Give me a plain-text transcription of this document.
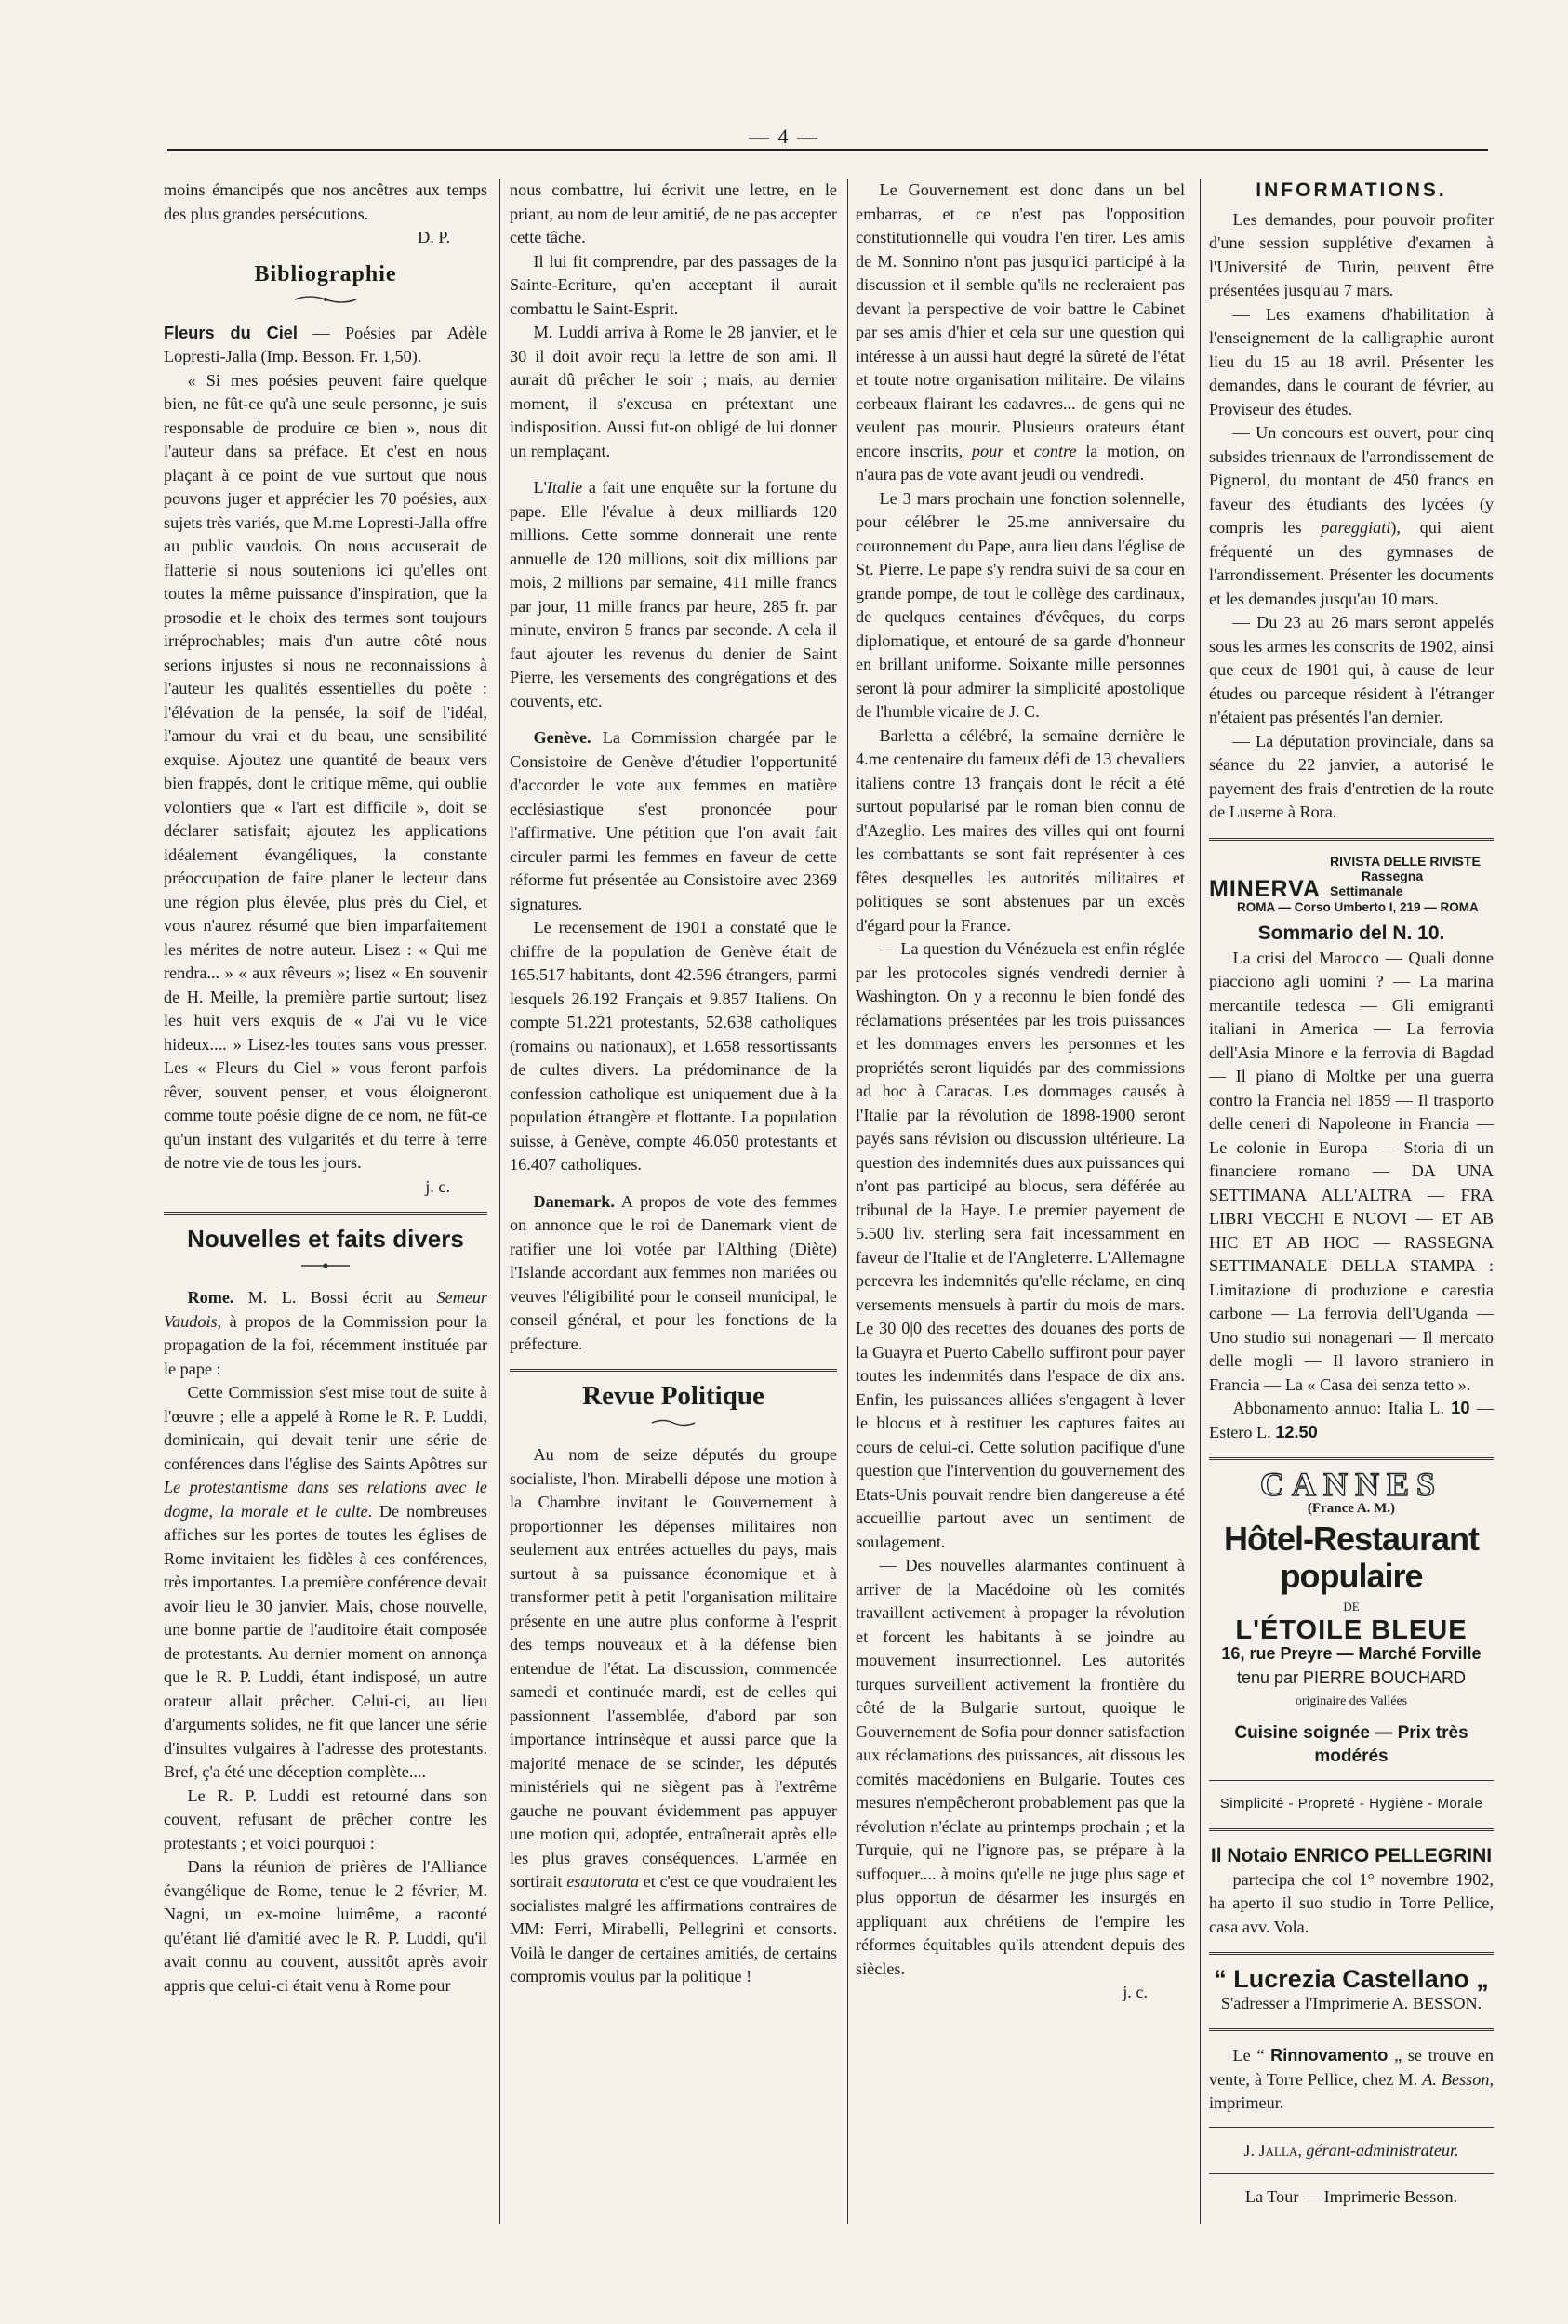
— 4 —

moins émancipés que nos ancêtres aux temps des plus grandes persécutions.

D. P.
Bibliographie

Fleurs du Ciel — Poésies par Adèle Lopresti-Jalla (Imp. Besson. Fr. 1,50).

« Si mes poésies peuvent faire quelque bien, ne fût-ce qu'à une seule personne, je suis responsable de produire ce bien », nous dit l'auteur dans sa préface. Et c'est en nous plaçant à ce point de vue surtout que nous pouvons juger et apprécier les 70 poésies, aux sujets très variés, que M.me Lopresti-Jalla offre au public vaudois. On nous accuserait de flatterie si nous soutenions ici qu'elles ont toutes la même puissance d'inspiration, que la prosodie et le choix des termes sont toujours irréprochables; mais d'un autre côté nous serions injustes si nous ne reconnaissions à l'auteur les qualités essentielles du poète : l'élévation de la pensée, la soif de l'idéal, l'amour du vrai et du beau, une sensibilité exquise. Ajoutez une quantité de beaux vers bien frappés, dont le critique même, qui oublie volontiers que « l'art est difficile », doit se déclarer satisfait; ajoutez les applications idéalement évangéliques, la constante préoccupation de faire planer le lecteur dans une région plus élevée, plus près du Ciel, et vous n'aurez résumé que bien imparfaitement les mérites de notre auteur. Lisez : « Qui me rendra... » « aux rêveurs »; lisez « En souvenir de H. Meille, la première partie surtout; lisez les huit vers exquis de « J'ai vu le vice hideux.... » Lisez-les toutes sans vous presser. Les « Fleurs du Ciel » vous feront parfois rêver, souvent penser, et vous éloigneront comme toute poésie digne de ce nom, ne fût-ce qu'un instant des vulgarités et du terre à terre de notre vie de tous les jours.

j. c.
Nouvelles et faits divers

Rome. M. L. Bossi écrit au Semeur Vaudois, à propos de la Commission pour la propagation de la foi, récemment instituée par le pape :

Cette Commission s'est mise tout de suite à l'œuvre ; elle a appelé à Rome le R. P. Luddi, dominicain, qui devait tenir une série de conférences dans l'église des Saints Apôtres sur Le protestantisme dans ses relations avec le dogme, la morale et le culte. De nombreuses affiches sur les portes de toutes les églises de Rome invitaient les fidèles à ces conférences, très importantes. La première conférence devait avoir lieu le 30 janvier. Mais, chose nouvelle, une bonne partie de l'auditoire était composée de protestants. Au dernier moment on annonça que le R. P. Luddi, étant indisposé, un autre orateur allait prêcher. Celui-ci, au lieu d'arguments solides, ne fit que lancer une série d'insultes vulgaires à l'adresse des protestants. Bref, ç'a été une déception complète....

Le R. P. Luddi est retourné dans son couvent, refusant de prêcher contre les protestants ; et voici pourquoi :

Dans la réunion de prières de l'Alliance évangélique de Rome, tenue le 2 février, M. Nagni, un ex-moine luimême, a raconté qu'étant lié d'amitié avec le R. P. Luddi, qu'il avait connu au couvent, aussitôt après avoir appris que celui-ci était venu à Rome pour

nous combattre, lui écrivit une lettre, en le priant, au nom de leur amitié, de ne pas accepter cette tâche.

Il lui fit comprendre, par des passages de la Sainte-Ecriture, qu'en acceptant il aurait combattu le Saint-Esprit.

M. Luddi arriva à Rome le 28 janvier, et le 30 il doit avoir reçu la lettre de son ami. Il aurait dû prêcher le soir ; mais, au dernier moment, il s'excusa en prétextant une indisposition. Aussi fut-on obligé de lui donner un remplaçant.

L'Italie a fait une enquête sur la fortune du pape. Elle l'évalue à deux milliards 120 millions. Cette somme donnerait une rente annuelle de 120 millions, soit dix millions par mois, 2 millions par semaine, 411 mille francs par jour, 11 mille francs par heure, 285 fr. par minute, environ 5 francs par seconde. A cela il faut ajouter les revenus du denier de Saint Pierre, les versements des congrégations et des couvents, etc.

Genève. La Commission chargée par le Consistoire de Genève d'étudier l'opportunité d'accorder le vote aux femmes en matière ecclésiastique s'est prononcée pour l'affirmative. Une pétition que l'on avait fait circuler parmi les femmes en faveur de cette réforme fut présentée au Consistoire avec 2369 signatures.

Le recensement de 1901 a constaté que le chiffre de la population de Genève était de 165.517 habitants, dont 42.596 étrangers, parmi lesquels 26.192 Français et 9.857 Italiens. On compte 51.221 protestants, 52.638 catholiques (romains ou nationaux), et 1.658 ressortissants de cultes divers. La prédominance de la confession catholique est uniquement due à la population étrangère et flottante. La population suisse, à Genève, compte 46.050 protestants et 16.407 catholiques.

Danemark. A propos de vote des femmes on annonce que le roi de Danemark vient de ratifier une loi votée par l'Althing (Diète) l'Islande accordant aux femmes non mariées ou veuves l'éligibilité pour le conseil municipal, le conseil général, et pour les fonctions de la préfecture.

Revue Politique

Au nom de seize députés du groupe socialiste, l'hon. Mirabelli dépose une motion à la Chambre invitant le Gouvernement à proportionner les dépenses militaires non seulement aux entrées actuelles du pays, mais surtout à sa puissance économique et à transformer petit à petit l'organisation militaire présente en une autre plus conforme à l'esprit des temps nouveaux et à la défense bien entendue de l'état. La discussion, commencée samedi et continuée mardi, est de celles qui passionnent l'assemblée, d'abord par son importance intrinsèque et aussi parce que la majorité menace de se scinder, les députés ministériels qui ne siègent pas à l'extrême gauche ne pouvant évidemment pas appuyer une motion qui, adoptée, entraînerait après elle les plus graves conséquences. L'armée en sortirait esautorata et c'est ce que voudraient les socialistes malgré les affirmations contraires de MM: Ferri, Mirabelli, Pellegrini et consorts. Voilà le danger de certaines amitiés, de certains compromis voulus par la politique !

Le Gouvernement est donc dans un bel embarras, et ce n'est pas l'opposition constitutionnelle qui voudra l'en tirer. Les amis de M. Sonnino n'ont pas jusqu'ici participé à la discussion et il semble qu'ils ne recleraient pas devant la perspective de voir battre le Cabinet par ses amis d'hier et cela sur une question qui intéresse à un aussi haut degré la sûreté de l'état et toute notre organisation militaire. De vilains corbeaux flairant les cadavres... de gens qui ne veulent pas mourir. Plusieurs orateurs étant encore inscrits, pour et contre la motion, on n'aura pas de vote avant jeudi ou vendredi.

Le 3 mars prochain une fonction solennelle, pour célébrer le 25.me anniversaire du couronnement du Pape, aura lieu dans l'église de St. Pierre. Le pape s'y rendra suivi de sa cour en grande pompe, de tout le collège des cardinaux, de quelques centaines d'évêques, du corps diplomatique, et entouré de sa garde d'honneur en brillant uniforme. Soixante mille personnes seront là pour admirer la simplicité apostolique de l'humble vicaire de J. C.

Barletta a célébré, la semaine dernière le 4.me centenaire du fameux défi de 13 chevaliers italiens contre 13 français dont le récit a été surtout popularisé par le roman bien connu de d'Azeglio. Les maires des villes qui ont fourni les combattants se sont fait représenter à ces fêtes desquelles les autorités militaires et politiques se sont abstenues par un excès d'égard pour la France.

— La question du Vénézuela est enfin réglée par les protocoles signés vendredi dernier à Washington. On y a reconnu le bien fondé des réclamations présentées par les trois puissances et les dommages envers les personnes et les propriétés seront liquidés par des commissions ad hoc à Caracas. Les dommages causés à l'Italie par la révolution de 1898-1900 seront payés sans révision ou discussion ultérieure. La question des indemnités dues aux puissances qui n'ont pas participé au blocus, sera déférée au tribunal de la Haye. Le premier payement de 5.500 liv. sterling sera fait incessamment en faveur de l'Italie et de l'Angleterre. L'Allemagne percevra les indemnités qu'elle réclame, en cinq versements mensuels à partir du mois de mars. Le 30 0|0 des recettes des douanes des ports de la Guayra et Puerto Cabello suffiront pour payer toutes les indemnités dans l'espace de dix ans. Enfin, les puissances alliées s'engagent à lever le blocus et à restituer les captures faites au cours de celui-ci. Cette solution pacifique d'une question que l'intervention du gouvernement des Etats-Unis pouvait rendre bien dangereuse a été accueillie partout avec un sentiment de soulagement.

— Des nouvelles alarmantes continuent à arriver de la Macédoine où les comités travaillent activement à propager la révolution et forcent les habitants à se joindre au mouvement insurrectionnel. Les autorités turques surveillent activement la frontière du côté de la Bulgarie surtout, quoique le Gouvernement de Sofia pour donner satisfaction aux réclamations des puissances, ait dissous les comités macédoniens en Bulgarie. Toutes ces mesures n'empêcheront probablement pas que la révolution n'éclate au printemps prochain ; et la Turquie, qui ne l'ignore pas, se prépare à la suffoquer.... à moins qu'elle ne juge plus sage et plus opportun de désarmer les insurgés en appliquant aux chrétiens de l'empire les réformes équitables qu'ils attendent depuis des siècles.

j. c.
INFORMATIONS.

Les demandes, pour pouvoir profiter d'une session supplétive d'examen à l'Université de Turin, peuvent être présentées jusqu'au 7 mars.

— Les examens d'habilitation à l'enseignement de la calligraphie auront lieu du 15 au 18 avril. Présenter les demandes, dans le courant de février, au Proviseur des études.

— Un concours est ouvert, pour cinq subsides triennaux de l'arrondissement de Pignerol, du montant de 450 francs en faveur des étudiants des lycées (y compris les pareggiati), qui aient fréquenté un des gymnases de l'arrondissement. Présenter les documents et les demandes jusqu'au 10 mars.

— Du 23 au 26 mars seront appelés sous les armes les conscrits de 1902, ainsi que ceux de 1901 qui, à cause de leur études ou parceque résident à l'étranger n'étaient pas présentés l'an dernier.

— La députation provinciale, dans sa séance du 22 janvier, a autorisé le payement des frais d'entretien de la route de Luserne à Rora.

MINERVA
RIVISTA DELLE RIVISTE
Rassegna Settimanale
ROMA — Corso Umberto I, 219 — ROMA
Sommario del N. 10.

La crisi del Marocco — Quali donne piacciono agli uomini ? — La marina mercantile tedesca — Gli emigranti italiani in America — La ferrovia dell'Asia Minore e la ferrovia di Bagdad — Il piano di Moltke per una guerra contro la Francia nel 1859 — Il trasporto delle ceneri di Napoleone in Francia — Le colonie in Europa — Storia di un financiere romano — DA UNA SETTIMANA ALL'ALTRA — FRA LIBRI VECCHI E NUOVI — ET AB HIC ET AB HOC — RASSEGNA SETTIMANALE DELLA STAMPA : Limitazione di produzione e carestia carbone — La ferrovia dell'Uganda — Uno studio sui nonagenari — Il mercato delle mogli — Il lavoro straniero in Francia — La « Casa dei senza tetto ».

Abbonamento annuo: Italia L. 10 — Estero L. 12.50

CANNES
(France A. M.)
Hôtel-Restaurant populaire
DE
L'ÉTOILE BLEUE
16, rue Preyre — Marché Forville
tenu par PIERRE BOUCHARD
originaire des Vallées
Cuisine soignée — Prix très modérés
Simplicité - Propreté - Hygiène - Morale
Il Notaio ENRICO PELLEGRINI

partecipa che col 1° novembre 1902, ha aperto il suo studio in Torre Pellice, casa avv. Vola.

“ Lucrezia Castellano „
S'adresser a l'Imprimerie A. BESSON.

Le “ Rinnovamento „ se trouve en vente, à Torre Pellice, chez M. A. Besson, imprimeur.

J. Jalla, gérant-administrateur.
La Tour — Imprimerie Besson.
